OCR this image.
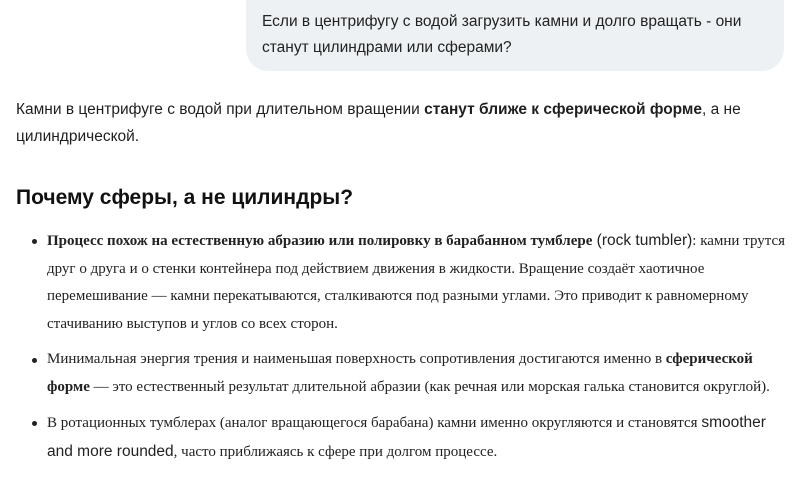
Если в центрифугу с водой загрузить камни и долго вращать - они

станут цилиндрами или сферами?

Камни в центрифуге с водой при длительном вращении станут ближе к сферической форме, а не цилиндрической.

Почему сферы, а не цилиндры?
Процесс похож на естественную абразию или полировку в барабанном тумблере (rock tumbler): камни трутся друг о друга и о стенки контейнера под действием движения в жидкости. Вращение создаёт хаотичное перемешивание — камни перекатываются, сталкиваются под разными углами. Это приводит к равномерному стачиванию выступов и углов со всех сторон.
Минимальная энергия трения и наименьшая поверхность сопротивления достигаются именно в сферической форме — это естественный результат длительной абразии (как речная или морская галька становится округлой).
В ротационных тумблерах (аналог вращающегося барабана) камни именно округляются и становятся smoother and more rounded, часто приближаясь к сфере при долгом процессе.
